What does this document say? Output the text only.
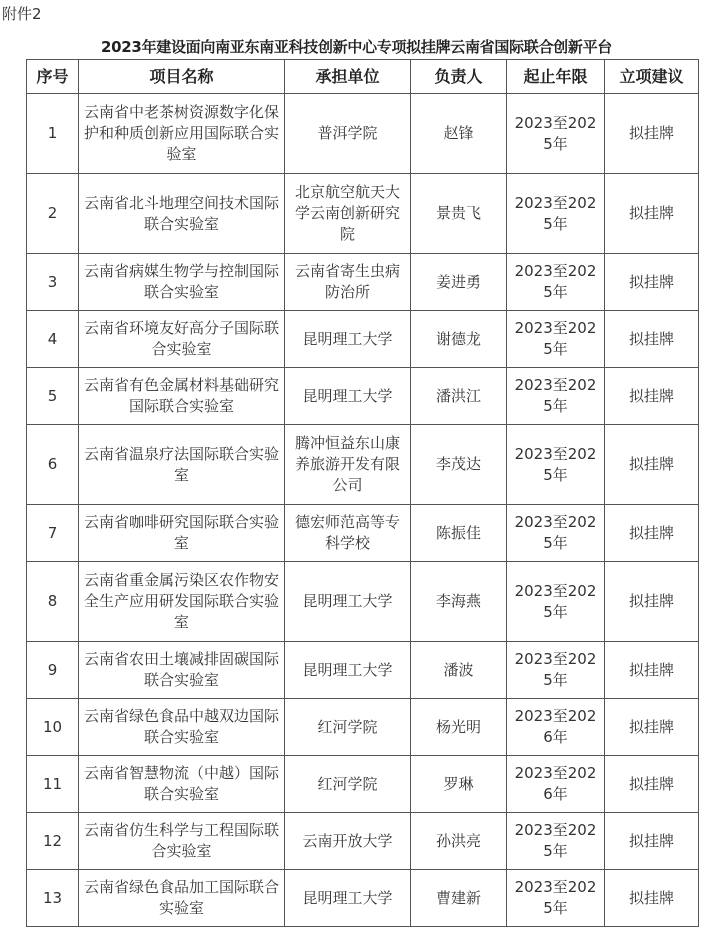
附件2
2023年建设面向南亚东南亚科技创新中心专项拟挂牌云南省国际联合创新平台
序号	项目名称	承担单位	负责人	起止年限	立项建议
1	云南省中老茶树资源数字化保护和种质创新应用国际联合实验室	普洱学院	赵锋	2023至2025年	拟挂牌
2	云南省北斗地理空间技术国际联合实验室	北京航空航天大学云南创新研究院	景贵飞	2023至2025年	拟挂牌
3	云南省病媒生物学与控制国际联合实验室	云南省寄生虫病防治所	姜进勇	2023至2025年	拟挂牌
4	云南省环境友好高分子国际联合实验室	昆明理工大学	谢德龙	2023至2025年	拟挂牌
5	云南省有色金属材料基础研究国际联合实验室	昆明理工大学	潘洪江	2023至2025年	拟挂牌
6	云南省温泉疗法国际联合实验室	腾冲恒益东山康养旅游开发有限公司	李茂达	2023至2025年	拟挂牌
7	云南省咖啡研究国际联合实验室	德宏师范高等专科学校	陈振佳	2023至2025年	拟挂牌
8	云南省重金属污染区农作物安全生产应用研发国际联合实验室	昆明理工大学	李海燕	2023至2025年	拟挂牌
9	云南省农田土壤减排固碳国际联合实验室	昆明理工大学	潘波	2023至2025年	拟挂牌
10	云南省绿色食品中越双边国际联合实验室	红河学院	杨光明	2023至2026年	拟挂牌
11	云南省智慧物流（中越）国际联合实验室	红河学院	罗琳	2023至2026年	拟挂牌
12	云南省仿生科学与工程国际联合实验室	云南开放大学	孙洪亮	2023至2025年	拟挂牌
13	云南省绿色食品加工国际联合实验室	昆明理工大学	曹建新	2023至2025年	拟挂牌
